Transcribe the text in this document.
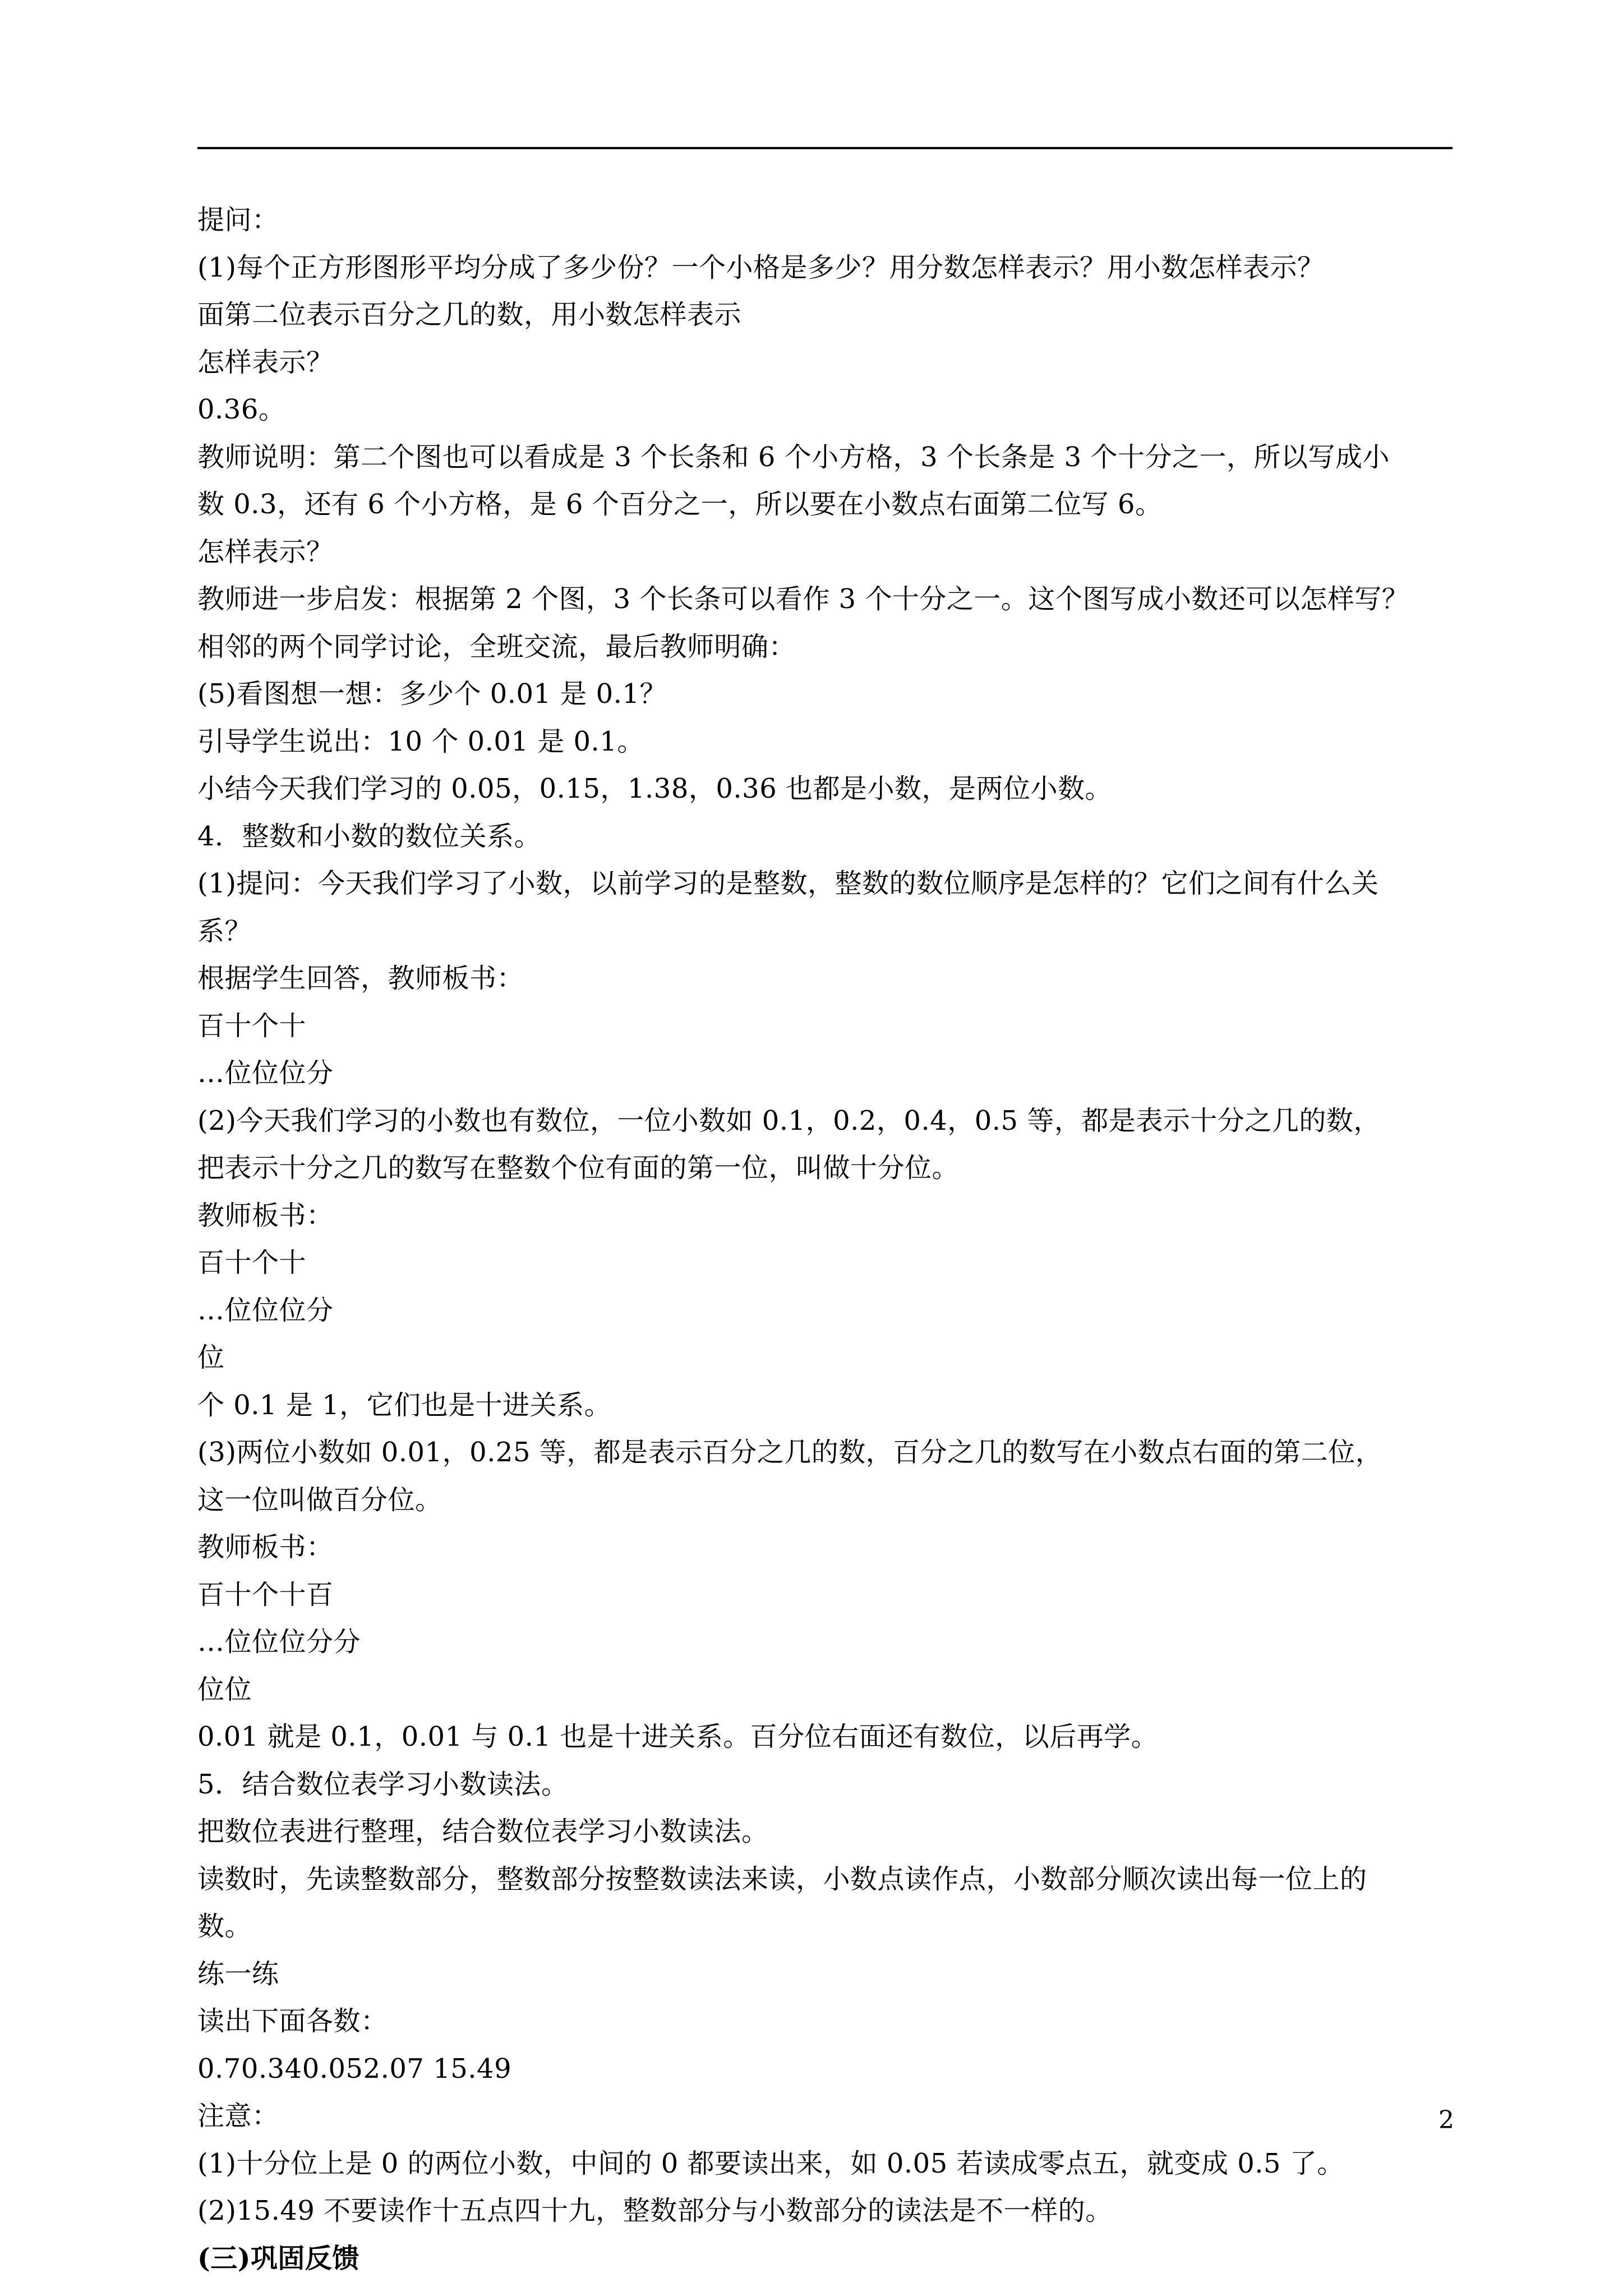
提问：
(1)每个正方形图形平均分成了多少份？一个小格是多少？用分数怎样表示？用小数怎样表示？
面第二位表示百分之几的数，用小数怎样表示
怎样表示？
0.36。
教师说明：第二个图也可以看成是 3 个长条和 6 个小方格，3 个长条是 3 个十分之一，所以写成小
数 0.3，还有 6 个小方格，是 6 个百分之一，所以要在小数点右面第二位写 6。
怎样表示？
教师进一步启发：根据第 2 个图，3 个长条可以看作 3 个十分之一。这个图写成小数还可以怎样写？
相邻的两个同学讨论，全班交流，最后教师明确：
(5)看图想一想：多少个 0.01 是 0.1？
引导学生说出：10 个 0.01 是 0.1。
小结今天我们学习的 0.05，0.15，1.38，0.36 也都是小数，是两位小数。
4．整数和小数的数位关系。
(1)提问：今天我们学习了小数，以前学习的是整数，整数的数位顺序是怎样的？它们之间有什么关
系？
根据学生回答，教师板书：
百十个十
…位位位分
(2)今天我们学习的小数也有数位，一位小数如 0.1，0.2，0.4，0.5 等，都是表示十分之几的数，
把表示十分之几的数写在整数个位有面的第一位，叫做十分位。
教师板书：
百十个十
…位位位分
位
个 0.1 是 1，它们也是十进关系。
(3)两位小数如 0.01，0.25 等，都是表示百分之几的数，百分之几的数写在小数点右面的第二位，
这一位叫做百分位。
教师板书：
百十个十百
…位位位分分
位位
0.01 就是 0.1，0.01 与 0.1 也是十进关系。百分位右面还有数位，以后再学。
5．结合数位表学习小数读法。
把数位表进行整理，结合数位表学习小数读法。
读数时，先读整数部分，整数部分按整数读法来读，小数点读作点，小数部分顺次读出每一位上的
数。
练一练
读出下面各数：
0.70.340.052.07 15.49
注意：
(1)十分位上是 0 的两位小数，中间的 0 都要读出来，如 0.05 若读成零点五，就变成 0.5 了。
(2)15.49 不要读作十五点四十九，整数部分与小数部分的读法是不一样的。
(三)巩固反馈
2
